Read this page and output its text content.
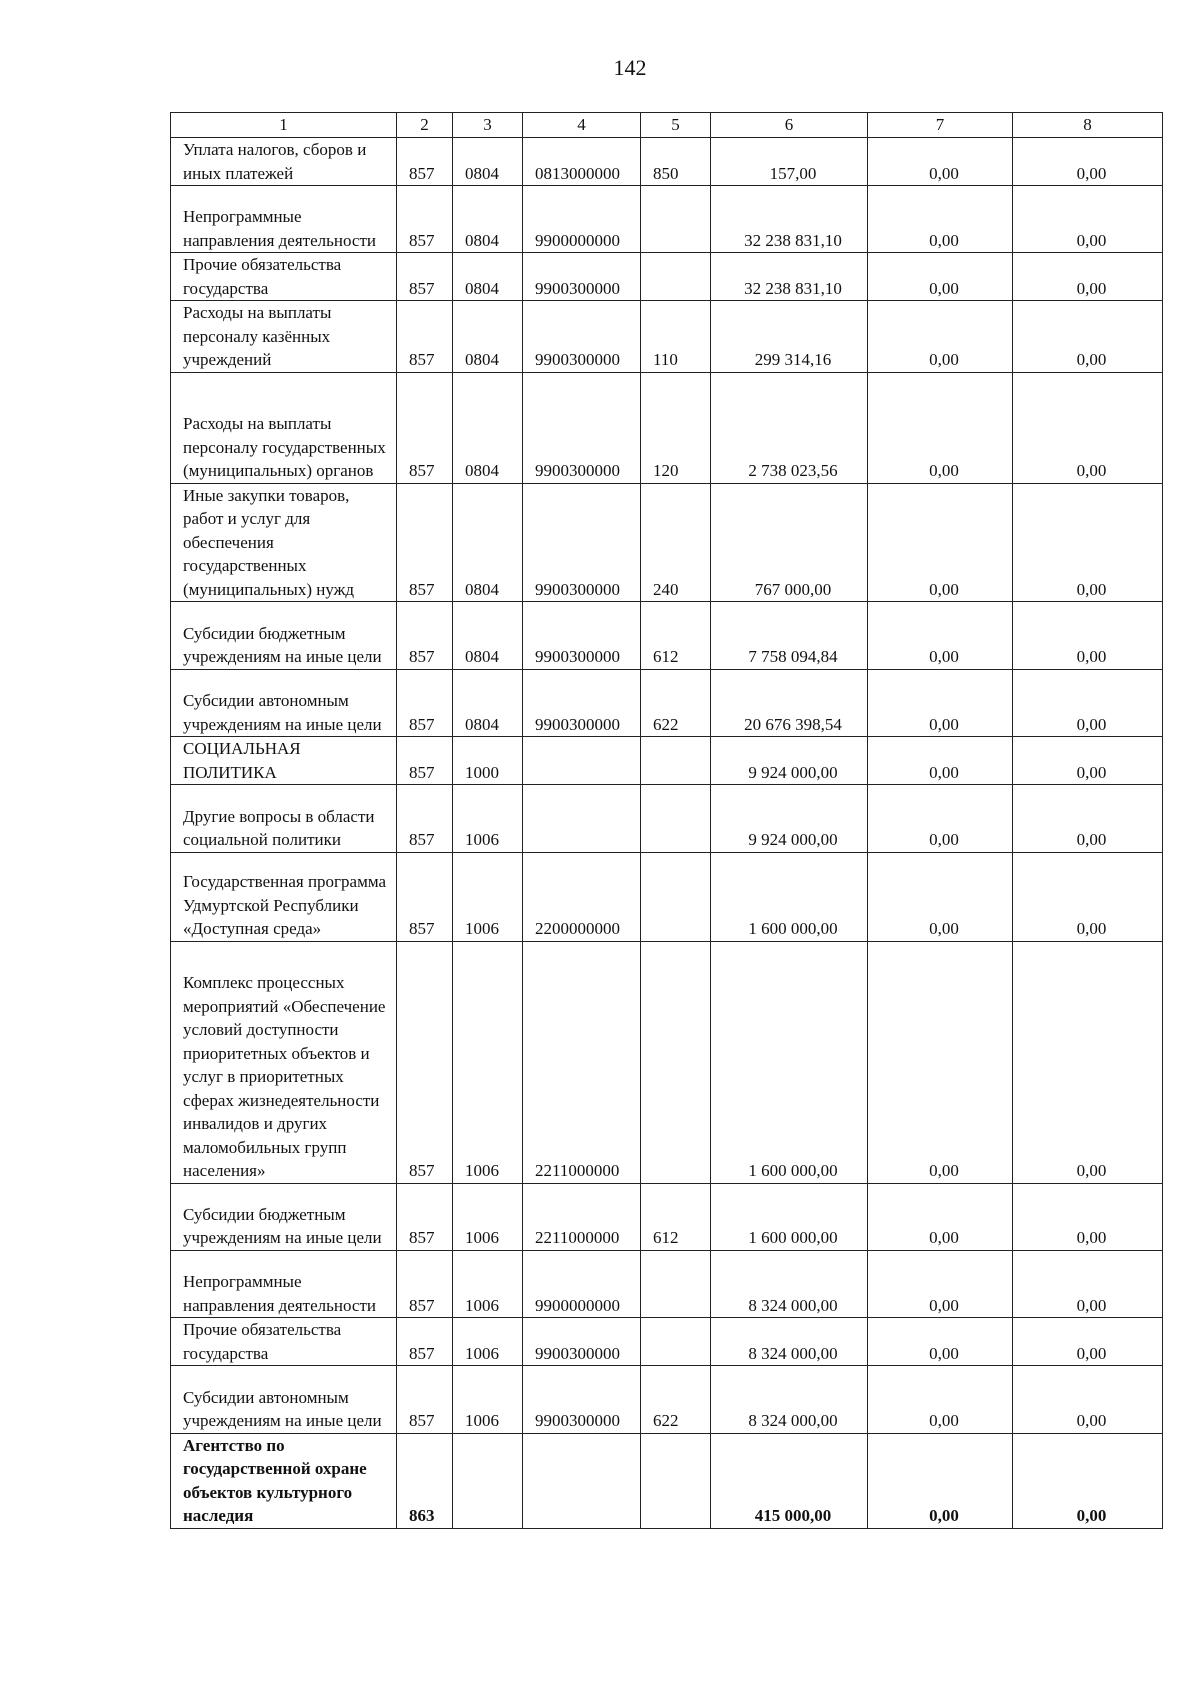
142
1	2	3	4	5	6	7	8
Уплата налогов, сборов и иных платежей	857	0804	0813000000	850	157,00	0,00	0,00
Непрограммные направления деятельности	857	0804	9900000000		32 238 831,10	0,00	0,00
Прочие обязательства государства	857	0804	9900300000		32 238 831,10	0,00	0,00
Расходы на выплаты персоналу казённых учреждений	857	0804	9900300000	110	299 314,16	0,00	0,00
Расходы на выплаты персоналу государственных (муниципальных) органов	857	0804	9900300000	120	2 738 023,56	0,00	0,00
Иные закупки товаров, работ и услуг для обеспечения государственных (муниципальных) нужд	857	0804	9900300000	240	767 000,00	0,00	0,00
Субсидии бюджетным учреждениям на иные цели	857	0804	9900300000	612	7 758 094,84	0,00	0,00
Субсидии автономным учреждениям на иные цели	857	0804	9900300000	622	20 676 398,54	0,00	0,00
СОЦИАЛЬНАЯ ПОЛИТИКА	857	1000			9 924 000,00	0,00	0,00
Другие вопросы в области социальной политики	857	1006			9 924 000,00	0,00	0,00
Государственная программа Удмуртской Республики «Доступная среда»	857	1006	2200000000		1 600 000,00	0,00	0,00
Комплекс процессных мероприятий «Обеспечение условий доступности приоритетных объектов и услуг в приоритетных сферах жизнедеятельности инвалидов и других маломобильных групп населения»	857	1006	2211000000		1 600 000,00	0,00	0,00
Субсидии бюджетным учреждениям на иные цели	857	1006	2211000000	612	1 600 000,00	0,00	0,00
Непрограммные направления деятельности	857	1006	9900000000		8 324 000,00	0,00	0,00
Прочие обязательства государства	857	1006	9900300000		8 324 000,00	0,00	0,00
Субсидии автономным учреждениям на иные цели	857	1006	9900300000	622	8 324 000,00	0,00	0,00
Агентство по государственной охране объектов культурного наследия	863				415 000,00	0,00	0,00
